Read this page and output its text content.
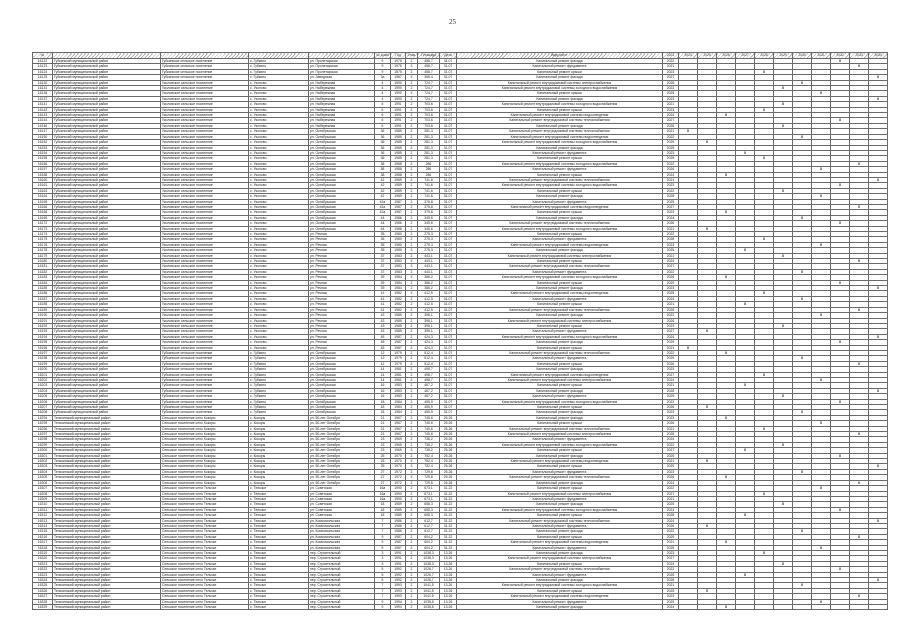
25
№					№ дома	Год	Этаж.	Площадь	Дата	Вид работ	2023	2024	2025	2026	2027	2028	2029	2030	2031	2032	2033	2034
16122	Губкинский муниципальный район	Губкинское сельское поселение	с. Губкино	ул. Пролетарская	9	1975	2	458,7	31.07	Капитальный ремонт фасада	2022									X		
16123	Губкинский муниципальный район	Губкинское сельское поселение	с. Губкино	ул. Пролетарская	9	1975	2	458,7	31.07	Капитальный ремонт фундамента	2021										X	
16124	Губкинский муниципальный район	Губкинское сельское поселение	с. Губкино	ул. Пролетарская	9	1975	2	458,7	31.07	Капитальный ремонт крыши	2023					X						
16125	Губкинский муниципальный район	Губкинское сельское поселение	с. Губкино	ул. Заводская	3а	1987	2	366,4	31.07	Капитальный ремонт фасада	2027											X
16130	Губкинский муниципальный район	Уколовское сельское поселение	с. Уколово	ул. Набережная	4	1990	2	724,7	31.07	Капитальный ремонт внутридомовой системы электроснабжения	2026							X				
16131	Губкинский муниципальный район	Уколовское сельское поселение	с. Уколово	ул. Набережная	4	1990	2	724,7	31.07	Капитальный ремонт внутридомовой системы холодного водоснабжения	2022						X					
16136	Губкинский муниципальный район	Уколовское сельское поселение	с. Уколово	ул. Набережная	4	1990	2	724,7	31.07	Капитальный ремонт крыши	2025								X			
16137	Губкинский муниципальный район	Уколовское сельское поселение	с. Уколово	ул. Набережная	4	1990	2	724,7	31.07	Капитальный ремонт фасада	2023											X
16141	Губкинский муниципальный район	Уколовское сельское поселение	с. Уколово	ул. Набережная	6	1991	2	703,6	31.07	Капитальный ремонт внутридомовой системы холодного водоснабжения	2021						X					
16142	Губкинский муниципальный район	Уколовское сельское поселение	с. Уколово	ул. Набережная	6	1991	2	703,6	31.07	Капитальный ремонт крыши	2023					X						
16143	Губкинский муниципальный район	Уколовское сельское поселение	с. Уколово	ул. Набережная	6	1991	2	703,6	31.07	Капитальный ремонт внутридомовой системы водоотведения	2024			X								
16144	Губкинский муниципальный район	Уколовское сельское поселение	с. Уколово	ул. Набережная	6	1991	2	703,6	31.07	Капитальный ремонт внутридомовой системы теплоснабжения	2027									X		
16146	Губкинский муниципальный район	Уколовское сельское поселение	с. Уколово	ул. Набережная	6	1991	2	703,6	31.07	Капитальный ремонт фасада	2028						X					
16147	Губкинский муниципальный район	Уколовское сельское поселение	с. Уколово	ул. Октябрьская	36	1985	2	281,3	31.07	Капитальный ремонт внутридомовой системы теплоснабжения	2021	X										
16150	Губкинский муниципальный район	Уколовское сельское поселение	с. Уколово	ул. Октябрьская	36	1985	2	281,3	31.07	Капитальный ремонт внутридомовой системы водоотведения	2022							X				
16152	Губкинский муниципальный район	Уколовское сельское поселение	с. Уколово	ул. Октябрьская	36	1985	2	281,3	31.07	Капитальный ремонт внутридомовой системы холодного водоснабжения	2029		X									
16153	Губкинский муниципальный район	Уколовское сельское поселение	с. Уколово	ул. Октябрьская	36	1985	2	281,3	31.07	Капитальный ремонт фасада	2029											
16154	Губкинский муниципальный район	Уколовское сельское поселение	с. Уколово	ул. Октябрьская	36	1985	2	281,3	31.07	Капитальный ремонт фундамента	2023				X							
16155	Губкинский муниципальный район	Уколовское сельское поселение	с. Уколово	ул. Октябрьская	36	1985	2	281,3	31.07	Капитальный ремонт крыши	2025					X						
16156	Губкинский муниципальный район	Уколовское сельское поселение	с. Уколово	ул. Октябрьская	38	1988	2	286	31.07	Капитальный ремонт внутридомовой системы холодного водоснабжения	2022										X	
16157	Губкинский муниципальный район	Уколовское сельское поселение	с. Уколово	ул. Октябрьская	38	1988	2	286	31.07	Капитальный ремонт фундамента	2026								X			
16158	Губкинский муниципальный район	Уколовское сельское поселение	с. Уколово	ул. Октябрьская	38	1988	2	286	31.07	Капитальный ремонт крыши	2024			X								
16160	Губкинский муниципальный район	Уколовское сельское поселение	с. Уколово	ул. Октябрьская	42	1989	2	741,6	31.07	Капитальный ремонт внутридомовой системы теплоснабжения	2021											X
16161	Губкинский муниципальный район	Уколовское сельское поселение	с. Уколово	ул. Октябрьская	42	1989	2	741,6	31.07	Капитальный ремонт внутридомовой системы холодного водоснабжения	2023									X		
16163	Губкинский муниципальный район	Уколовское сельское поселение	с. Уколово	ул. Октябрьская	42	1989	2	741,6	31.07	Капитальный ремонт крыши	2022						X					
16164	Губкинский муниципальный район	Уколовское сельское поселение	с. Уколово	ул. Октябрьская	42	1989	2	741,6	31.07	Капитальный ремонт фасада	2028								X			
16165	Губкинский муниципальный район	Уколовское сельское поселение	с. Уколово	ул. Октябрьская	42а	1987	2	375,8	31.07	Капитальный ремонт фундамента	2025											
16166	Губкинский муниципальный район	Уколовское сельское поселение	с. Уколово	ул. Октябрьская	42а	1987	2	375,8	31.07	Капитальный ремонт внутридомовой системы водоотведения	2027										X	
16168	Губкинский муниципальный район	Уколовское сельское поселение	с. Уколово	ул. Октябрьская	42а	1987	2	375,8	31.07	Капитальный ремонт крыши	2023			X								
16169	Губкинский муниципальный район	Уколовское сельское поселение	с. Уколово	ул. Октябрьская	44	1986	2	345,6	31.07	Капитальный ремонт фасада	2024							X				
16172	Губкинский муниципальный район	Уколовское сельское поселение	с. Уколово	ул. Октябрьская	44	1986	2	345,6	31.07	Капитальный ремонт внутридомовой системы теплоснабжения	2026									X		
16173	Губкинский муниципальный район	Уколовское сельское поселение	с. Уколово	ул. Октябрьская	44	1986	2	345,6	31.07	Капитальный ремонт внутридомовой системы холодного водоснабжения	2021		X									
16174	Губкинский муниципальный район	Уколовское сельское поселение	с. Уколово	ул. Речная	35	1980	2	275,3	31.07	Капитальный ремонт крыши	2022											
16175	Губкинский муниципальный район	Уколовское сельское поселение	с. Уколово	ул. Речная	35	1980	2	275,3	31.07	Капитальный ремонт фундамента	2028					X						
16176	Губкинский муниципальный район	Уколовское сельское поселение	с. Уколово	ул. Речная	35	1980	2	275,3	31.07	Капитальный ремонт внутридомовой системы водоотведения	2023								X			
16178	Губкинский муниципальный район	Уколовское сельское поселение	с. Уколово	ул. Речная	35	1980	2	275,3	31.07	Капитальный ремонт фасада	2025				X							
16179	Губкинский муниципальный район	Уколовское сельское поселение	с. Уколово	ул. Речная	37	1983	2	443,1	31.07	Капитальный ремонт внутридомовой системы электроснабжения	2021						X					
16180	Губкинский муниципальный район	Уколовское сельское поселение	с. Уколово	ул. Речная	37	1983	2	443,1	31.07	Капитальный ремонт крыши	2024										X	
16181	Губкинский муниципальный район	Уколовское сельское поселение	с. Уколово	ул. Речная	37	1983	2	443,1	31.07	Капитальный ремонт внутридомовой системы теплоснабжения	2027											
16182	Губкинский муниципальный район	Уколовское сельское поселение	с. Уколово	ул. Речная	37	1983	2	443,1	31.07	Капитальный ремонт фундамента	2022							X				
16183	Губкинский муниципальный район	Уколовское сельское поселение	с. Уколово	ул. Речная	39	1984	2	386,2	31.07	Капитальный ремонт внутридомовой системы холодного водоснабжения	2026			X								
16184	Губкинский муниципальный район	Уколовское сельское поселение	с. Уколово	ул. Речная	39	1984	2	386,2	31.07	Капитальный ремонт крыши	2029									X		
16185	Губкинский муниципальный район	Уколовское сельское поселение	с. Уколово	ул. Речная	39	1984	2	386,2	31.07	Капитальный ремонт фасада	2023											X
16186	Губкинский муниципальный район	Уколовское сельское поселение	с. Уколово	ул. Речная	41	1982	2	412,5	31.07	Капитальный ремонт внутридомовой системы водоотведения	2025					X						
16187	Губкинский муниципальный район	Уколовское сельское поселение	с. Уколово	ул. Речная	41	1982	2	412,5	31.07	Капитальный ремонт фундамента	2024							X				
16188	Губкинский муниципальный район	Уколовское сельское поселение	с. Уколово	ул. Речная	41	1982	2	412,5	31.07	Капитальный ремонт крыши	2021				X							
16189	Губкинский муниципальный район	Уколовское сельское поселение	с. Уколово	ул. Речная	41	1982	2	412,5	31.07	Капитальный ремонт внутридомовой системы теплоснабжения	2028										X	
16190	Губкинский муниципальный район	Уколовское сельское поселение	с. Уколово	ул. Речная	43	1985	2	398,1	31.07	Капитальный ремонт фасада	2022								X			
16191	Губкинский муниципальный район	Уколовское сельское поселение	с. Уколово	ул. Речная	43	1985	2	398,1	31.07	Капитальный ремонт внутридомовой системы электроснабжения	2026											
16192	Губкинский муниципальный район	Уколовское сельское поселение	с. Уколово	ул. Речная	43	1985	2	398,1	31.07	Капитальный ремонт крыши	2023						X					
16193	Губкинский муниципальный район	Уколовское сельское поселение	с. Уколово	ул. Речная	43	1985	2	398,1	31.07	Капитальный ремонт фундамента	2027		X									
16194	Губкинский муниципальный район	Уколовское сельское поселение	с. Уколово	ул. Речная	45	1987	2	424,3	31.07	Капитальный ремонт внутридомовой системы холодного водоснабжения	2024											X
16195	Губкинский муниципальный район	Уколовское сельское поселение	с. Уколово	ул. Речная	45	1987	2	424,3	31.07	Капитальный ремонт фасада	2025									X		
16196	Губкинский муниципальный район	Уколовское сельское поселение	с. Уколово	ул. Речная	45	1987	2	424,3	31.07	Капитальный ремонт крыши	2021	X										
16197	Губкинский муниципальный район	Губкинское сельское поселение	с. Губкино	ул. Октябрьская	12	1979	2	512,4	31.07	Капитальный ремонт внутридомовой системы теплоснабжения	2022			X								
16198	Губкинский муниципальный район	Губкинское сельское поселение	с. Губкино	ул. Октябрьская	12	1979	2	512,4	31.07	Капитальный ремонт фундамента	2029							X				
16199	Губкинский муниципальный район	Губкинское сельское поселение	с. Губкино	ул. Октябрьская	12	1979	2	512,4	31.07	Капитальный ремонт крыши	2026										X	
16200	Губкинский муниципальный район	Губкинское сельское поселение	с. Губкино	ул. Октябрьская	14	1981	2	498,7	31.07	Капитальный ремонт фасада	2023											
16201	Губкинский муниципальный район	Губкинское сельское поселение	с. Губкино	ул. Октябрьская	14	1981	2	498,7	31.07	Капитальный ремонт внутридомовой системы водоотведения	2027					X						
16202	Губкинский муниципальный район	Губкинское сельское поселение	с. Губкино	ул. Октябрьская	14	1981	2	498,7	31.07	Капитальный ремонт внутридомовой системы электроснабжения	2024								X			
16203	Губкинский муниципальный район	Губкинское сельское поселение	с. Губкино	ул. Октябрьская	16	1983	2	467,2	31.07	Капитальный ремонт крыши	2021				X							
16204	Губкинский муниципальный район	Губкинское сельское поселение	с. Губкино	ул. Октябрьская	16	1983	2	467,2	31.07	Капитальный ремонт фасада	2028											X
16205	Губкинский муниципальный район	Губкинское сельское поселение	с. Губкино	ул. Октябрьская	16	1983	2	467,2	31.07	Капитальный ремонт фундамента	2025						X					
16206	Губкинский муниципальный район	Губкинское сельское поселение	с. Губкино	ул. Октябрьская	18	1984	2	455,9	31.07	Капитальный ремонт внутридомовой системы холодного водоснабжения	2022									X		
16207	Губкинский муниципальный район	Губкинское сельское поселение	с. Губкино	ул. Октябрьская	18	1984	2	455,9	31.07	Капитальный ремонт крыши	2026		X									
16208	Губкинский муниципальный район	Губкинское сельское поселение	с. Губкино	ул. Октябрьская	18	1984	2	455,9	31.07	Капитальный ремонт фасада	2023							X				
16294	Тельчинский муниципальный район	Сельское поселение село Кокоры	с. Кокоры	ул. 50-лет Октября	21	1967	2	745,6	25.26	Капитальный ремонт фасада	2023			X								
16295	Тельчинский муниципальный район	Сельское поселение село Кокоры	с. Кокоры	ул. 50-лет Октября	21	1967	2	745,6	25.26	Капитальный ремонт крыши	2026								X			
16296	Тельчинский муниципальный район	Сельское поселение село Кокоры	с. Кокоры	ул. 50-лет Октября	21	1967	2	745,6	25.26	Капитальный ремонт внутридомовой системы теплоснабжения	2021					X						
16297	Тельчинский муниципальный район	Сельское поселение село Кокоры	с. Кокоры	ул. 50-лет Октября	21	1967	2	745,6	25.26	Капитальный ремонт внутридомовой системы электроснабжения	2028										X	
16298	Тельчинский муниципальный район	Сельское поселение село Кокоры	с. Кокоры	ул. 50-лет Октября	23	1969	2	738,2	25.26	Капитальный ремонт фундамента	2024											
16299	Тельчинский муниципальный район	Сельское поселение село Кокоры	с. Кокоры	ул. 50-лет Октября	23	1969	2	738,2	25.26	Капитальный ремонт внутридомовой системы холодного водоснабжения	2022						X					
16300	Тельчинский муниципальный район	Сельское поселение село Кокоры	с. Кокоры	ул. 50-лет Октября	23	1969	2	738,2	25.26	Капитальный ремонт крыши	2027				X							
16301	Тельчинский муниципальный район	Сельское поселение село Кокоры	с. Кокоры	ул. 50-лет Октября	25	1970	2	752,4	25.26	Капитальный ремонт фасада	2025									X		
16302	Тельчинский муниципальный район	Сельское поселение село Кокоры	с. Кокоры	ул. 50-лет Октября	25	1970	2	752,4	25.26	Капитальный ремонт внутридомовой системы водоотведения	2021		X									
16303	Тельчинский муниципальный район	Сельское поселение село Кокоры	с. Кокоры	ул. 50-лет Октября	25	1970	2	752,4	25.26	Капитальный ремонт крыши	2029											X
16304	Тельчинский муниципальный район	Сельское поселение село Кокоры	с. Кокоры	ул. 50-лет Октября	27	1972	2	729,8	25.26	Капитальный ремонт фундамента	2023							X				
16305	Тельчинский муниципальный район	Сельское поселение село Кокоры	с. Кокоры	ул. 50-лет Октября	27	1972	2	729,8	25.26	Капитальный ремонт внутридомовой системы теплоснабжения	2026			X								
16306	Тельчинский муниципальный район	Сельское поселение село Кокоры	с. Кокоры	ул. 50-лет Октября	27	1972	2	729,8	25.26	Капитальный ремонт фасада	2024										X	
16307	Тельчинский муниципальный район	Сельское поселение село Тельчье	с. Тельчье	ул. Советская	16а	1990	2	673,1	31.22	Капитальный ремонт крыши	2022								X			
16308	Тельчинский муниципальный район	Сельское поселение село Тельчье	с. Тельчье	ул. Советская	16а	1990	2	673,1	31.22	Капитальный ремонт внутридомовой системы электроснабжения	2027					X						
16309	Тельчинский муниципальный район	Сельское поселение село Тельчье	с. Тельчье	ул. Советская	16а	1990	2	673,1	31.22	Капитальный ремонт фундамента	2021											
16310	Тельчинский муниципальный район	Сельское поселение село Тельчье	с. Тельчье	ул. Советская	18	1989	2	658,3	31.22	Капитальный ремонт фасада	2025						X					
16311	Тельчинский муниципальный район	Сельское поселение село Тельчье	с. Тельчье	ул. Советская	18	1989	2	658,3	31.22	Капитальный ремонт внутридомовой системы холодного водоснабжения	2023									X		
16312	Тельчинский муниципальный район	Сельское поселение село Тельчье	с. Тельчье	ул. Советская	18	1989	2	658,3	31.22	Капитальный ремонт крыши	2028				X							
16313	Тельчинский муниципальный район	Сельское поселение село Тельчье	с. Тельчье	ул. Комсомольская	7	1986	2	612,7	31.22	Капитальный ремонт внутридомовой системы теплоснабжения	2024											X
16314	Тельчинский муниципальный район	Сельское поселение село Тельчье	с. Тельчье	ул. Комсомольская	7	1986	2	612,7	31.22	Капитальный ремонт фундамента	2026		X									
16315	Тельчинский муниципальный район	Сельское поселение село Тельчье	с. Тельчье	ул. Комсомольская	7	1986	2	612,7	31.22	Капитальный ремонт фасада	2022							X				
16316	Тельчинский муниципальный район	Сельское поселение село Тельчье	с. Тельчье	ул. Комсомольская	9	1987	2	604,2	31.22	Капитальный ремонт крыши	2029										X	
16317	Тельчинский муниципальный район	Сельское поселение село Тельчье	с. Тельчье	ул. Комсомольская	9	1987	2	604,2	31.22	Капитальный ремонт внутридомовой системы водоотведения	2021			X								
16318	Тельчинский муниципальный район	Сельское поселение село Тельчье	с. Тельчье	ул. Комсомольская	9	1987	2	604,2	31.22	Капитальный ремонт фундамента	2025								X			
16319	Тельчинский муниципальный район	Сельское поселение село Тельчье	с. Тельчье	пер. Строительный	3	1991	2	1038,3	13.26	Капитальный ремонт фасада	2023					X						
16320	Тельчинский муниципальный район	Сельское поселение село Тельчье	с. Тельчье	пер. Строительный	3	1991	2	1038,3	13.26	Капитальный ремонт внутридомовой системы электроснабжения	2027											
16321	Тельчинский муниципальный район	Сельское поселение село Тельчье	с. Тельчье	пер. Строительный	3	1991	2	1038,3	13.26	Капитальный ремонт крыши	2024						X					
16322	Тельчинский муниципальный район	Сельское поселение село Тельчье	с. Тельчье	пер. Строительный	5	1992	2	1026,7	13.26	Капитальный ремонт внутридомовой системы теплоснабжения	2022									X		
16323	Тельчинский муниципальный район	Сельское поселение село Тельчье	с. Тельчье	пер. Строительный	5	1992	2	1026,7	13.26	Капитальный ремонт фундамента	2026				X							
16324	Тельчинский муниципальный район	Сельское поселение село Тельчье	с. Тельчье	пер. Строительный	5	1992	2	1026,7	13.26	Капитальный ремонт фасада	2028											X
16325	Тельчинский муниципальный район	Сельское поселение село Тельчье	с. Тельчье	пер. Строительный	7	1993	2	1041,5	13.26	Капитальный ремонт внутридомовой системы холодного водоснабжения	2021							X				
16326	Тельчинский муниципальный район	Сельское поселение село Тельчье	с. Тельчье	пер. Строительный	7	1993	2	1041,5	13.26	Капитальный ремонт крыши	2025		X									
16327	Тельчинский муниципальный район	Сельское поселение село Тельчье	с. Тельчье	пер. Строительный	7	1993	2	1041,5	13.26	Капитальный ремонт внутридомовой системы водоотведения	2023										X	
16328	Тельчинский муниципальный район	Сельское поселение село Тельчье	с. Тельчье	пер. Строительный	9	1994	2	1035,8	13.26	Капитальный ремонт фундамента	2029								X			
16329	Тельчинский муниципальный район	Сельское поселение село Тельчье	с. Тельчье	пер. Строительный	9	1994	2	1035,8	13.26	Капитальный ремонт фасада	2024			X								
